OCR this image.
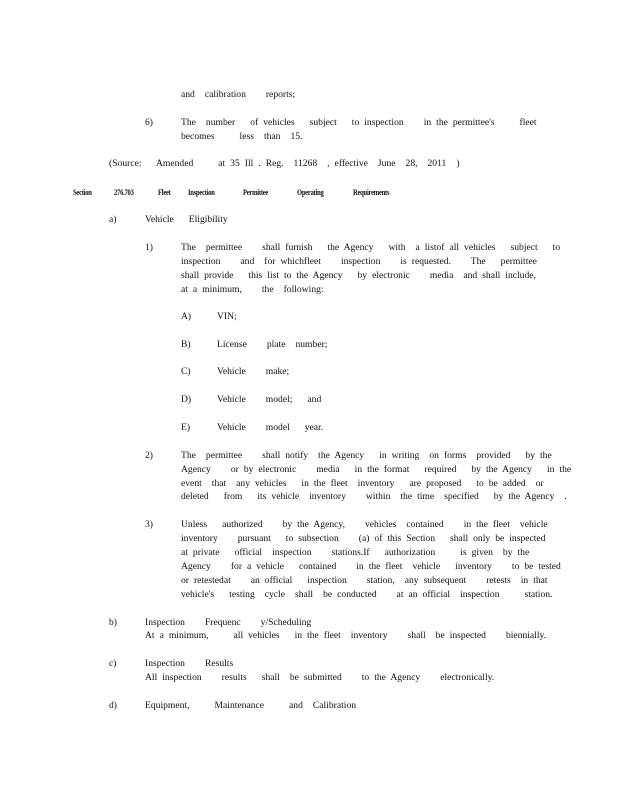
and  calibration    reports;
6)	The  number   of vehicles   subject   to inspection    in the permittee's     fleet
becomes     less  than  15.
(Source:   Amended     at 35 Ill . Reg.  11268  , effective  June  28,  2011  )
Section	276.703	Fleet Inspection	Permittee	Operating	Requirements
a)	Vehicle   Eligibility
1)	The  permittee    shall furnish   the Agency   with  a listof all vehicles   subject   to
inspection    and  for whichfleet    inspection    is requested.    The   permittee
shall provide   this list to the Agency   by electronic    media  and shall include,
at a minimum,    the  following:
A)	VIN;
B)	License    plate  number;
C)	Vehicle    make;
D)	Vehicle    model;   and
E)	Vehicle    model   year.
2)	The  permittee    shall notify  the Agency   in writing  on forms  provided   by the
Agency    or by electronic    media   in the format   required   by the Agency   in the
event  that  any vehicles   in the fleet  inventory   are proposed   to be added  or
deleted   from   its vehicle  inventory    within  the time  specified   by the Agency  .
3)	Unless   authorized    by the Agency,    vehicles  contained    in the fleet  vehicle
inventory    pursuant   to subsection    (a) of this Section   shall only be inspected
at private   official  inspection    stations.If   authorization     is given  by the
Agency    for a vehicle   contained    in the fleet  vehicle   inventory    to be tested
or retestedat    an official   inspection    station,  any subsequent    retests  in that
vehicle's   testing  cycle  shall  be conducted    at an official  inspection     station.
b)	Inspection    Frequenc    y/Scheduling
At a minimum,     all vehicles   in the fleet  inventory    shall  be inspected    biennially.
c)	Inspection    Results
All inspection    results   shall  be submitted    to the Agency    electronically.
d)	Equipment,     Maintenance     and  Calibration
